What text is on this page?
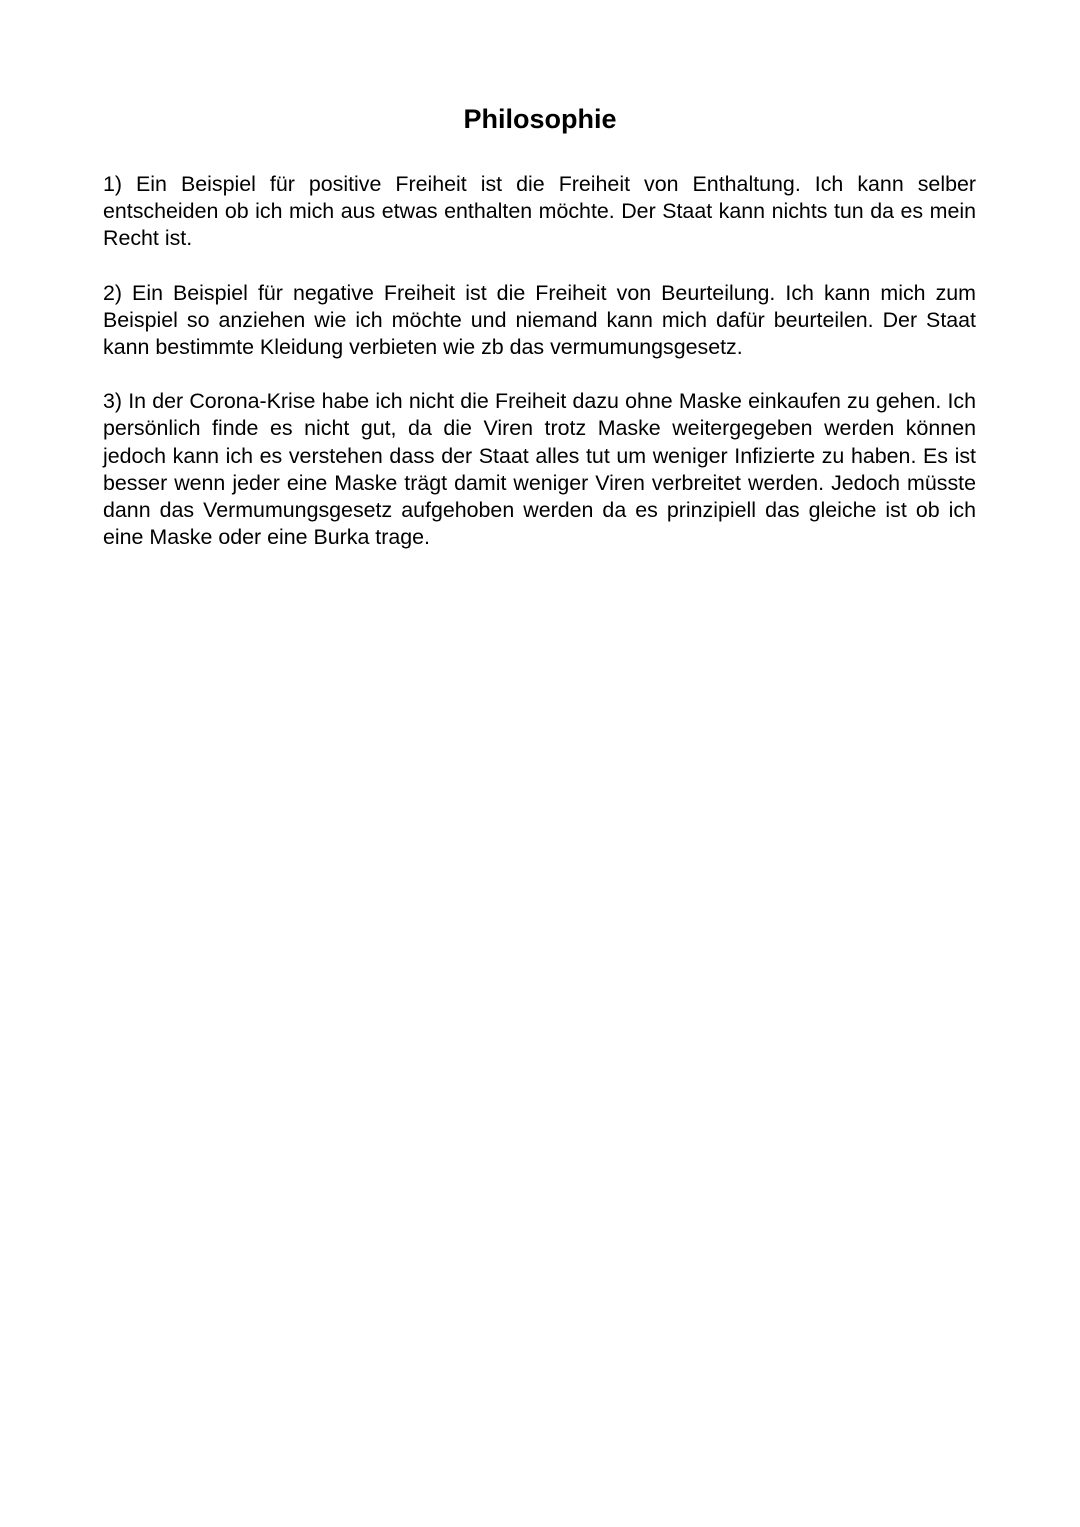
Philosophie

1) Ein Beispiel für positive Freiheit ist die Freiheit von Enthaltung. Ich kann selber entscheiden ob ich mich aus etwas enthalten möchte. Der Staat kann nichts tun da es mein Recht ist.

2) Ein Beispiel für negative Freiheit ist die Freiheit von Beurteilung. Ich kann mich zum Beispiel so anziehen wie ich möchte und niemand kann mich dafür beurteilen. Der Staat kann bestimmte Kleidung verbieten wie zb das vermumungsgesetz.

3) In der Corona-Krise habe ich nicht die Freiheit dazu ohne Maske einkaufen zu gehen. Ich persönlich finde es nicht gut, da die Viren trotz Maske weitergegeben werden können jedoch kann ich es verstehen dass der Staat alles tut um weniger Infizierte zu haben. Es ist besser wenn jeder eine Maske trägt damit weniger Viren verbreitet werden. Jedoch müsste dann das Vermumungsgesetz aufgehoben werden da es prinzipiell das gleiche ist ob ich eine Maske oder eine Burka trage.
